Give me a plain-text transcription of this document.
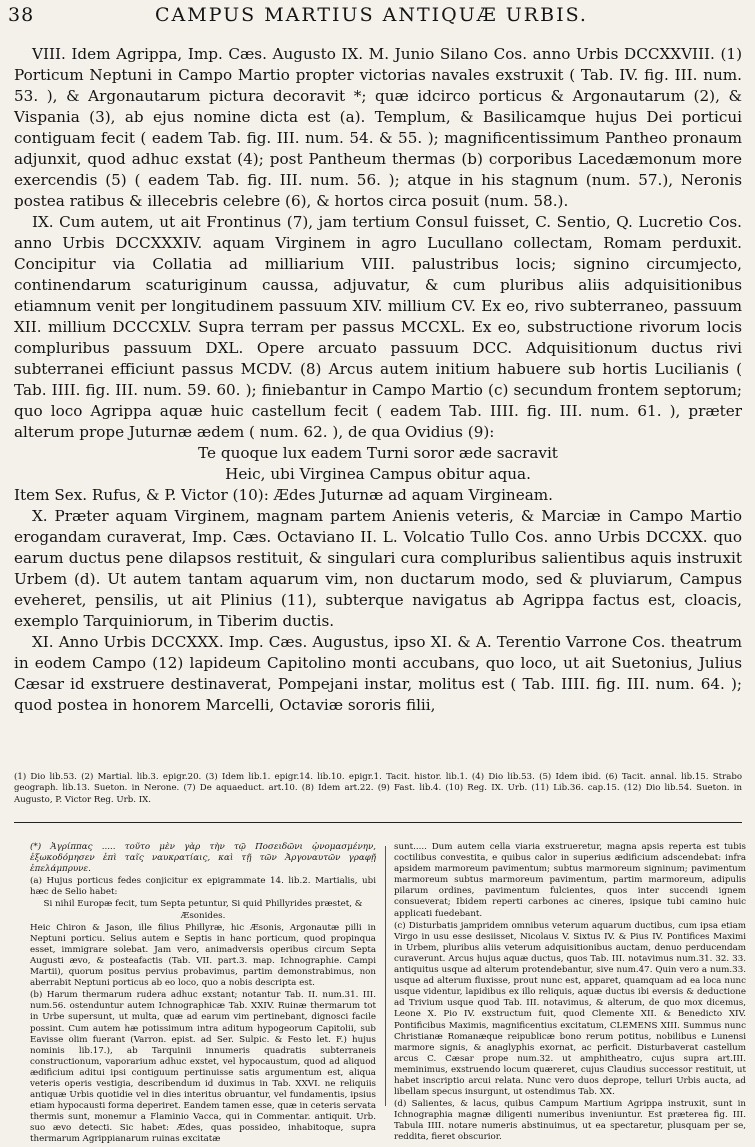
38	CAMPUS MARTIUS ANTIQUÆ URBIS.

VIII. Idem Agrippa, Imp. Cæs. Augusto IX. M. Junio Silano Cos. anno Urbis DCCXXVIII. (1) Porticum Neptuni in Campo Martio propter victorias navales exstruxit ( Tab. IV. fig. III. num. 53. ), & Argonautarum pictura decoravit *; quæ idcirco porticus & Argonautarum (2), & Vispania (3), ab ejus nomine dicta est (a). Templum, & Basilicamque hujus Dei porticui contiguam fecit ( eadem Tab. fig. III. num. 54. & 55. ); magnificentissimum Pantheo pronaum adjunxit, quod adhuc exstat (4); post Pantheum thermas (b) corporibus Lacedæmonum more exercendis (5) ( eadem Tab. fig. III. num. 56. ); atque in his stagnum (num. 57.), Neronis postea ratibus & illecebris celebre (6), & hortos circa posuit (num. 58.).

IX. Cum autem, ut ait Frontinus (7), jam tertium Consul fuisset, C. Sentio, Q. Lucretio Cos. anno Urbis DCCXXXIV. aquam Virginem in agro Lucullano collectam, Romam perduxit. Concipitur via Collatia ad milliarium VIII. palustribus locis; signino circumjecto, continendarum scaturiginum caussa, adjuvatur, & cum pluribus aliis adquisitionibus etiamnum venit per longitudinem passuum XIV. millium CV. Ex eo, rivo subterraneo, passuum XII. millium DCCCXLV. Supra terram per passus MCCXL. Ex eo, substructione rivorum locis compluribus passuum DXL. Opere arcuato passuum DCC. Adquisitionum ductus rivi subterranei efficiunt passus MCDV. (8) Arcus autem initium habuere sub hortis Lucilianis ( Tab. IIII. fig. III. num. 59. 60. ); finiebantur in Campo Martio (c) secundum frontem septorum; quo loco Agrippa aquæ huic castellum fecit ( eadem Tab. IIII. fig. III. num. 61. ), præter alterum prope Juturnæ ædem ( num. 62. ), de qua Ovidius (9):

Te quoque lux eadem Turni soror æde sacravit

Heic, ubi Virginea Campus obitur aqua.

Item Sex. Rufus, & P. Victor (10): Ædes Juturnæ ad aquam Virgineam.

X. Præter aquam Virginem, magnam partem Anienis veteris, & Marciæ in Campo Martio erogandam curaverat, Imp. Cæs. Octaviano II. L. Volcatio Tullo Cos. anno Urbis DCCXX. quo earum ductus pene dilapsos restituit, & singulari cura compluribus salientibus aquis instruxit Urbem (d). Ut autem tantam aquarum vim, non ductarum modo, sed & pluviarum, Campus eveheret, pensilis, ut ait Plinius (11), subterque navigatus ab Agrippa factus est, cloacis, exemplo Tarquiniorum, in Tiberim ductis.

XI. Anno Urbis DCCXXX. Imp. Cæs. Augustus, ipso XI. & A. Terentio Varrone Cos. theatrum in eodem Campo (12) lapideum Capitolino monti accubans, quo loco, ut ait Suetonius, Julius Cæsar id exstruere destinaverat, Pompejani instar, molitus est ( Tab. IIII. fig. III. num. 64. ); quod postea in honorem Marcelli, Octaviæ sororis filii,

(1) Dio lib.53. (2) Martial. lib.3. epigr.20. (3) Idem lib.1. epigr.14. lib.10. epigr.1. Tacit. histor. lib.1. (4) Dio lib.53. (5) Idem ibid. (6) Tacit. annal. lib.15. Strabo geograph. lib.13. Sueton. in Nerone. (7) De aquaeduct. art.10. (8) Idem art.22. (9) Fast. lib.4. (10) Reg. IX. Urb. (11) Lib.36. cap.15. (12) Dio lib.54. Sueton. in Augusto, P. Victor Reg. Urb. IX.

(*) Ἀγρίππας ..... τοῦτο μὲν γὰρ τὴν τῷ Ποσειδῶνι ᾠνομασμένην, ἐξωκοδόμησεν ἐπὶ ταῖς ναυκρατίαις, καὶ τῇ τῶν Ἀργοναυτῶν γραφῇ ἐπελάμπρυνε.

(a) Hujus porticus fedes conjicitur ex epigrammate 14. lib.2. Martialis, ubi hæc de Selio habet:

Si nihil Europæ fecit, tum Septa petuntur, Si quid Phillyrides præstet, & Æsonides.

Heic Chiron & Jason, ille filius Phillyræ, hic Æsonis, Argonautæ pilli in Neptuni porticu. Selius autem e Septis in hanc porticum, quod propinqua esset, immigrare solebat. Jam vero, animadversis operibus circum Septa Augusti ævo, & posteafactis (Tab. VII. part.3. map. Ichnographie. Campi Martii), quorum positus pervius probavimus, partim demonstrabimus, non aberrabit Neptuni porticus ab eo loco, quo a nobis descripta est.

(b) Harum thermarum rudera adhuc exstant; notantur Tab. II. num.31. III. num.56. ostenduntur autem Ichnographicæ Tab. XXIV. Ruinæ thermarum tot in Urbe supersunt, ut multa, quæ ad earum vim pertinebant, dignosci facile possint. Cum autem hæ potissimum intra aditum hypogeorum Capitolii, sub Eavisse olim fuerant (Varron. epist. ad Ser. Sulpic. & Festo let. F.) hujus nominis lib.17.), ab Tarquinii innumeris quadratis subterraneis constructionum, vaporarium adhuc exstet, vel hypocaustum, quod ad aliquod ædificium aditui ipsi contiguum pertinuisse satis argumentum est, aliqua veteris operis vestigia, describendum id duximus in Tab. XXVI. ne reliquiis antiquæ Urbis quotidie vel in dies interitus obruantur, vel fundamentis, ipsius etiam hypocausti forma deperiret. Eandem tamen esse, quæ in ceteris servata thermis sunt, monemur a Flaminio Vacca, qui in Commentar. antiquit. Urb. suo ævo detecti. Sic habet: Ædes, quas possideo, inhabitoque, supra thermarum Agrippianarum ruinas excitatæ

sunt..... Dum autem cella viaria exstrueretur, magna apsis reperta est tubis coctilibus convestita, e quibus calor in superius ædificium adscendebat: infra apsidem marmoreum pavimentum; subtus marmoreum signinum; pavimentum marmoreum subtus marmoreum pavimentum, partim marmoreum, adipulis pilarum ordines, pavimentum fulcientes, quos inter succendi ignem consueverat; Ibidem reperti carbones ac cineres, ipsique tubi camino huic applicati fuedebant.

(c) Disturbatis jampridem omnibus veterum aquarum ductibus, cum ipsa etiam Virgo in usu esse desiisset, Nicolaus V. Sixtus IV. & Pius IV. Pontifices Maximi in Urbem, pluribus aliis veterum adquisitionibus auctam, denuo perducendam curaverunt. Arcus hujus aquæ ductus, quos Tab. III. notavimus num.31. 32. 33. antiquitus usque ad alterum protendebantur, sive num.47. Quin vero a num.33. usque ad alterum fluxisse, prout nunc est, apparet, quamquam ad ea loca nunc usque videntur, lapidibus ex illo reliquis, aquæ ductus ibi eversis & deductione ad Trivium usque quod Tab. III. notavimus, & alterum, de quo mox dicemus, Leone X. Pio IV. exstructum fuit, quod Clemente XII. & Benedicto XIV. Pontificibus Maximis, magnificentius excitatum, CLEMENS XIII. Summus nunc Christianæ Romanæque reipublicæ bono rerum potitus, nobilibus e Lunensi marmore signis, & anaglyphis exornat, ac perficit. Disturbaverat castellum arcus C. Cæsar prope num.32. ut amphitheatro, cujus supra art.III. meminimus, exstruendo locum quæreret, cujus Claudius successor restituit, ut habet inscriptio arcui relata. Nunc vero duos deprope, telluri Urbis aucta, ad libellam specus insurgunt, ut ostendimus Tab. XX.

(d) Salientes, & lacus, quibus Campum Martium Agrippa instruxit, sunt in Ichnographia magnæ diligenti numeribus inveniuntur. Est præterea fig. III. Tabula IIII. notare numeris abstinuimus, ut ea spectaretur, plusquam per se, reddita, fieret obscurior.
